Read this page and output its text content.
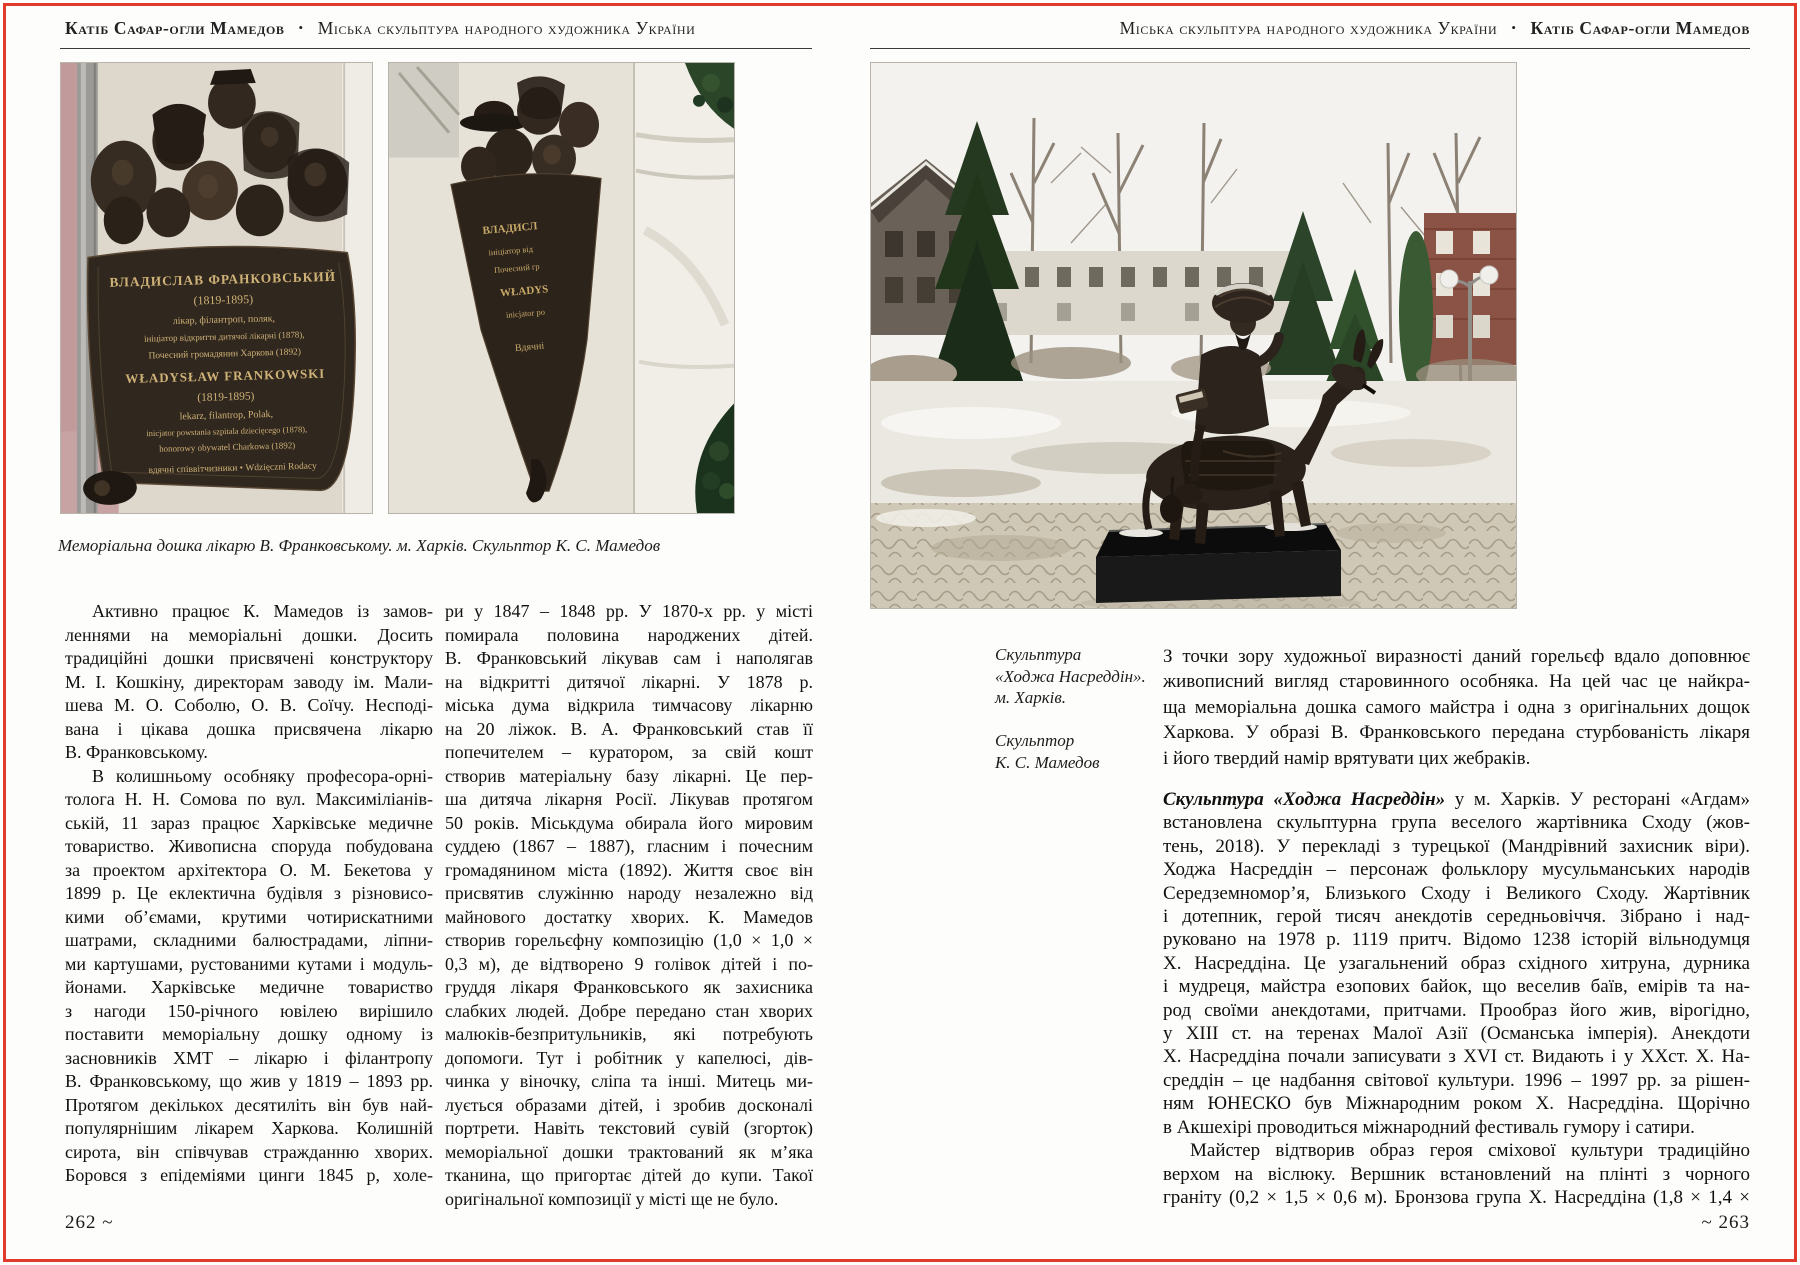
Катіб Сафар-огли Мамедов • Міська скульптура народного художника України
ВЛАДИСЛАВ ФРАНКОВСЬКИЙ
(1819-1895)
лікар, філантроп, поляк,
ініціатор відкриття дитячої лікарні (1878),
Почесний громадянин Харкова (1892)
WŁADYSŁAW FRANKOWSKI
(1819-1895)
lekarz, filantrop, Polak,
inicjator powstania szpitala dziecięcego (1878),
honorowy obywatel Charkowa (1892)
вдячні співвітчизники • Wdzięczni Rodacy
ВЛАДИСЛ
ініціатор від
Почесний гр
WŁADYS
inicjator po
Вдячні
Меморіальна дошка лікарю В. Франковському. м. Харків. Скульптор К. С. Мамедов
Активно працює К. Мамедов із замов-
леннями на меморіальні дошки. Досить
традиційні дошки присвячені конструктору
М. І. Кошкіну, директорам заводу ім. Мали-
шева М. О. Соболю, О. В. Соїчу. Несподі-
вана і цікава дошка присвячена лікарю
В. Франковському.
В колишньому особняку професора-орні-
толога Н. Н. Сомова по вул. Максиміліанів-
ській, 11 зараз працює Харківське медичне
товариство. Живописна споруда побудована
за проектом архітектора О. М. Бекетова у
1899 р. Це еклектична будівля з різновисо-
кими об’ємами, крутими чотирискатними
шатрами, складними балюстрадами, ліпни-
ми картушами, рустованими кутами і модуль-
йонами. Харківське медичне товариство
з нагоди 150-річного ювілею вирішило
поставити меморіальну дошку одному із
засновників ХМТ – лікарю і філантропу
В. Франковському, що жив у 1819 – 1893 рр.
Протягом декількох десятиліть він був най-
популярнішим лікарем Харкова. Колишній
сирота, він співчував стражданню хворих.
Боровся з епідеміями цинги 1845 р, холе-
ри у 1847 – 1848 рр. У 1870-х рр. у місті
помирала половина народжених дітей.
В. Франковський лікував сам і наполягав
на відкритті дитячої лікарні. У 1878 р.
міська дума відкрила тимчасову лікарню
на 20 ліжок. В. А. Франковський став її
попечителем – куратором, за свій кошт
створив матеріальну базу лікарні. Це пер-
ша дитяча лікарня Росії. Лікував протягом
50 років. Міськдума обирала його мировим
суддею (1867 – 1887), гласним і почесним
громадянином міста (1892). Життя своє він
присвятив служінню народу незалежно від
майнового достатку хворих. К. Мамедов
створив горельєфну композицію (1,0 × 1,0 ×
0,3 м), де відтворено 9 голівок дітей і по-
груддя лікаря Франковського як захисника
слабких людей. Добре передано стан хворих
малюків-безпритульників, які потребують
допомоги. Тут і робітник у капелюсі, дів-
чинка у віночку, сліпа та інші. Митець ми-
лується образами дітей, і зробив досконалі
портрети. Навіть текстовий сувій (згорток)
меморіальної дошки трактований як м’яка
тканина, що пригортає дітей до купи. Такої
оригінальної композиції у місті ще не було.
262 ~
Міська скульптура народного художника України • Катіб Сафар-огли Мамедов
Скульптура
«Ходжа Насреддін».
м. Харків.
Скульптор
К. С. Мамедов
З точки зору художньої виразності даний горельєф вдало доповнює
живописний вигляд старовинного особняка. На цей час це найкра-
ща меморіальна дошка самого майстра і одна з оригінальних дощок
Харкова. У образі В. Франковського передана стурбованість лікаря
і його твердий намір врятувати цих жебраків.
Скульптура «Ходжа Насреддін» у м. Харків. У ресторані «Агдам»
встановлена скульптурна група веселого жартівника Сходу (жов-
тень, 2018). У перекладі з турецької (Мандрівний захисник віри).
Ходжа Насреддін – персонаж фольклору мусульманських народів
Середземномор’я, Близького Сходу і Великого Сходу. Жартівник
і дотепник, герой тисяч анекдотів середньовіччя. Зібрано і над-
руковано на 1978 р. 1119 притч. Відомо 1238 історій вільнодумця
Х. Насреддіна. Це узагальнений образ східного хитруна, дурника
і мудреця, майстра езопових байок, що веселив баїв, емірів та на-
род своїми анекдотами, притчами. Прообраз його жив, вірогідно,
у XIII ст. на теренах Малої Азії (Османська імперія). Анекдоти
Х. Насреддіна почали записувати з XVI ст. Видають і у XXст. Х. На-
среддін – це надбання світової культури. 1996 – 1997 рр. за рішен-
ням ЮНЕСКО був Міжнародним роком Х. Насреддіна. Щорічно
в Акшехірі проводиться міжнародний фестиваль гумору і сатири.
Майстер відтворив образ героя сміхової культури традиційно
верхом на віслюку. Вершник встановлений на плінті з чорного
граніту (0,2 × 1,5 × 0,6 м). Бронзова група Х. Насреддіна (1,8 × 1,4 ×
~ 263
